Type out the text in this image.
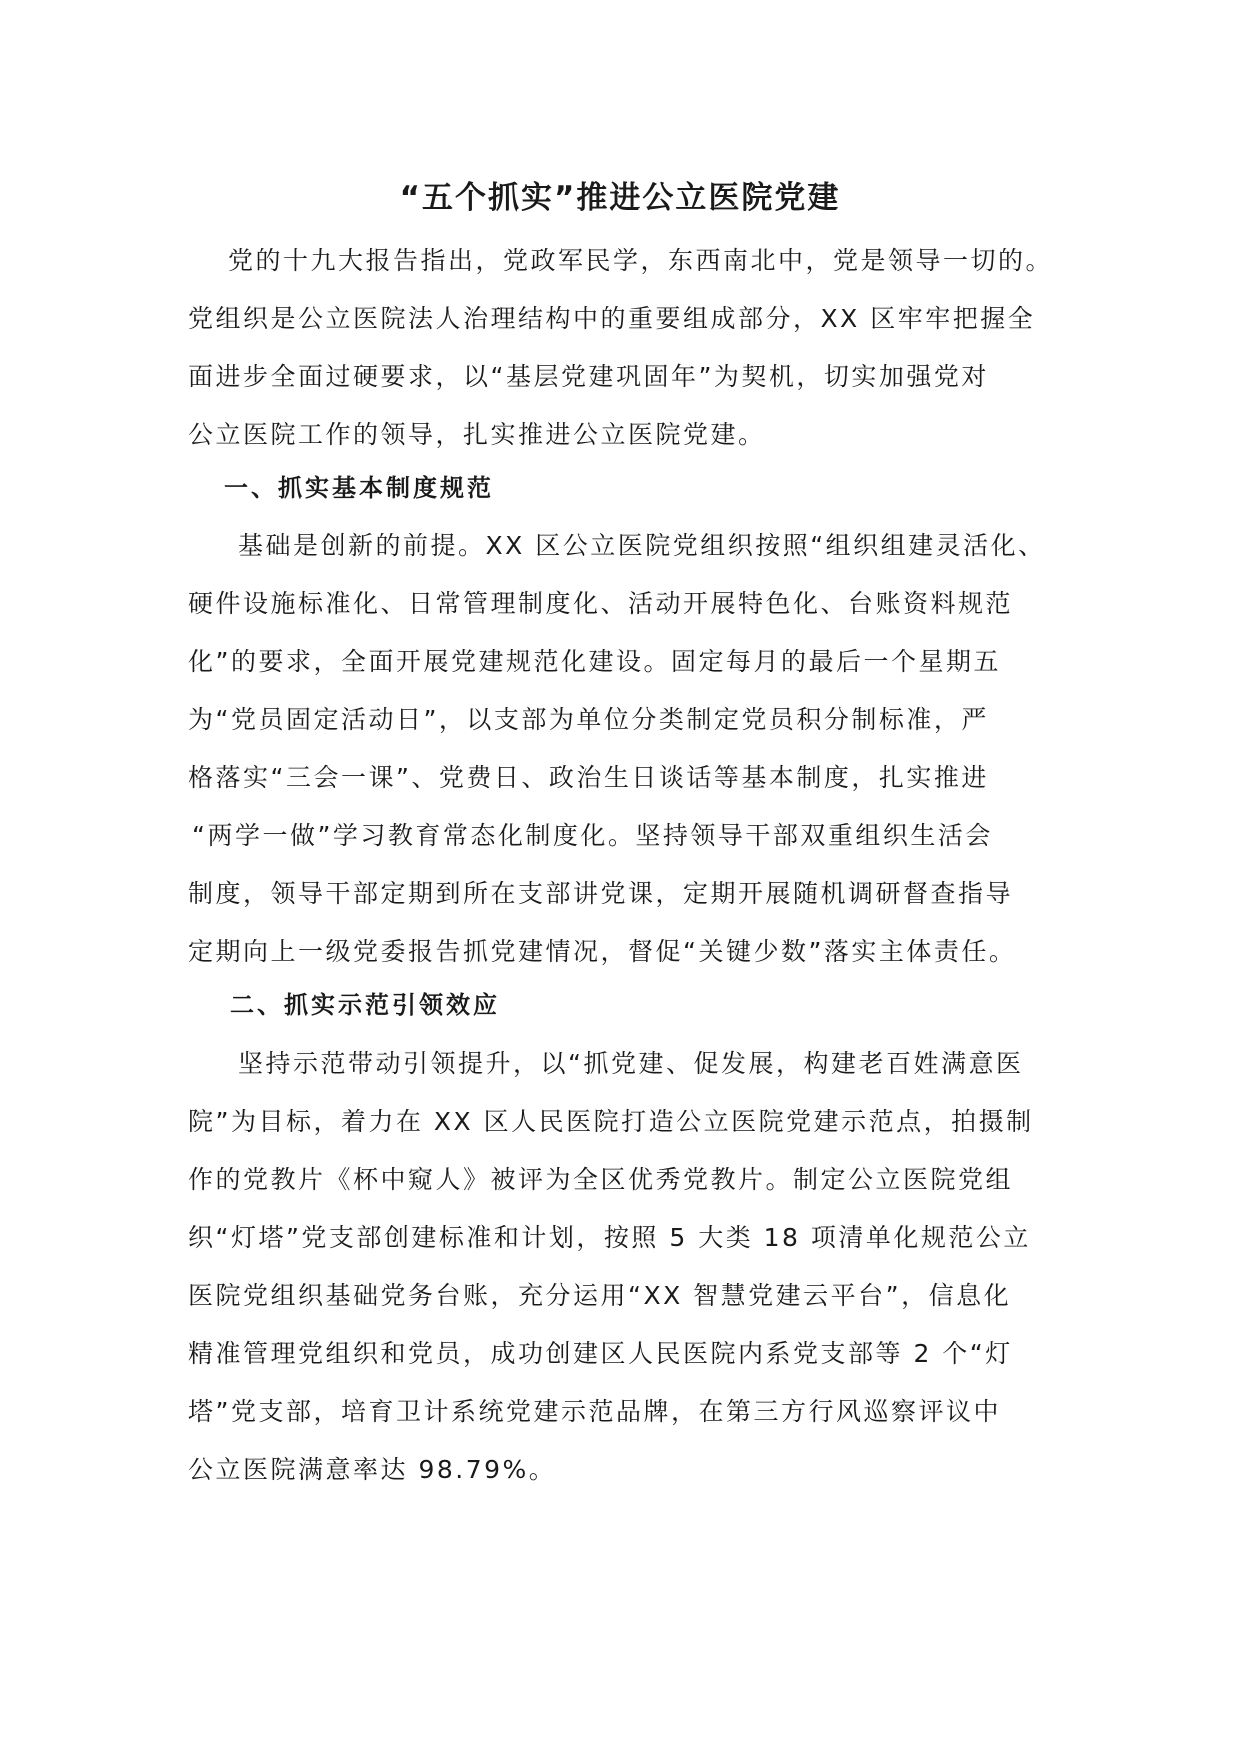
“五个抓实”推进公立医院党建

党的十九大报告指出，党政军民学，东西南北中，党是领导一切的。

党组织是公立医院法人治理结构中的重要组成部分，XX 区牢牢把握全

面进步全面过硬要求，以“基层党建巩固年”为契机，切实加强党对

公立医院工作的领导，扎实推进公立医院党建。

一、抓实基本制度规范

基础是创新的前提。XX 区公立医院党组织按照“组织组建灵活化、

硬件设施标准化、日常管理制度化、活动开展特色化、台账资料规范

化”的要求，全面开展党建规范化建设。固定每月的最后一个星期五

为“党员固定活动日”，以支部为单位分类制定党员积分制标准，严

格落实“三会一课”、党费日、政治生日谈话等基本制度，扎实推进

“两学一做”学习教育常态化制度化。坚持领导干部双重组织生活会

制度，领导干部定期到所在支部讲党课，定期开展随机调研督查指导

定期向上一级党委报告抓党建情况，督促“关键少数”落实主体责任。

二、抓实示范引领效应

坚持示范带动引领提升，以“抓党建、促发展，构建老百姓满意医

院”为目标，着力在 XX 区人民医院打造公立医院党建示范点，拍摄制

作的党教片《杯中窥人》被评为全区优秀党教片。制定公立医院党组

织“灯塔”党支部创建标准和计划，按照 5 大类 18 项清单化规范公立

医院党组织基础党务台账，充分运用“XX 智慧党建云平台”，信息化

精准管理党组织和党员，成功创建区人民医院内系党支部等 2 个“灯

塔”党支部，培育卫计系统党建示范品牌，在第三方行风巡察评议中

公立医院满意率达 98.79%。
